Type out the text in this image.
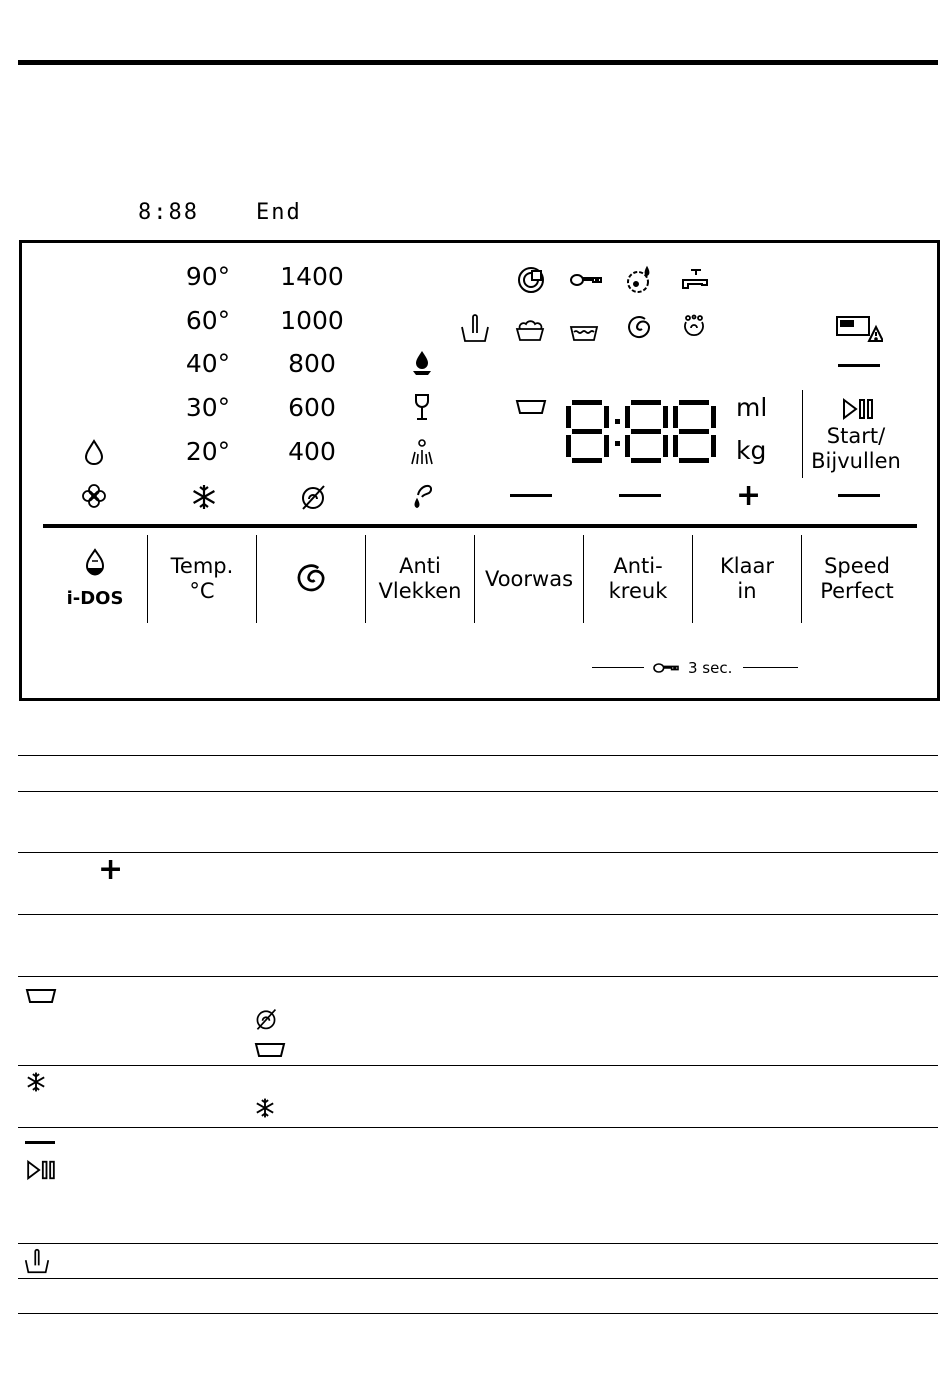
8:88	End
90°
60°
40°
30°
20°
1400
1000
800
600
400
ml
kg	Start/
Bijvullen
+
i-DOS
Temp.
°C
Anti
Vlekken
Voorwas
Anti-
kreuk
Klaar
in
Speed
Perfect
3 sec.
+
